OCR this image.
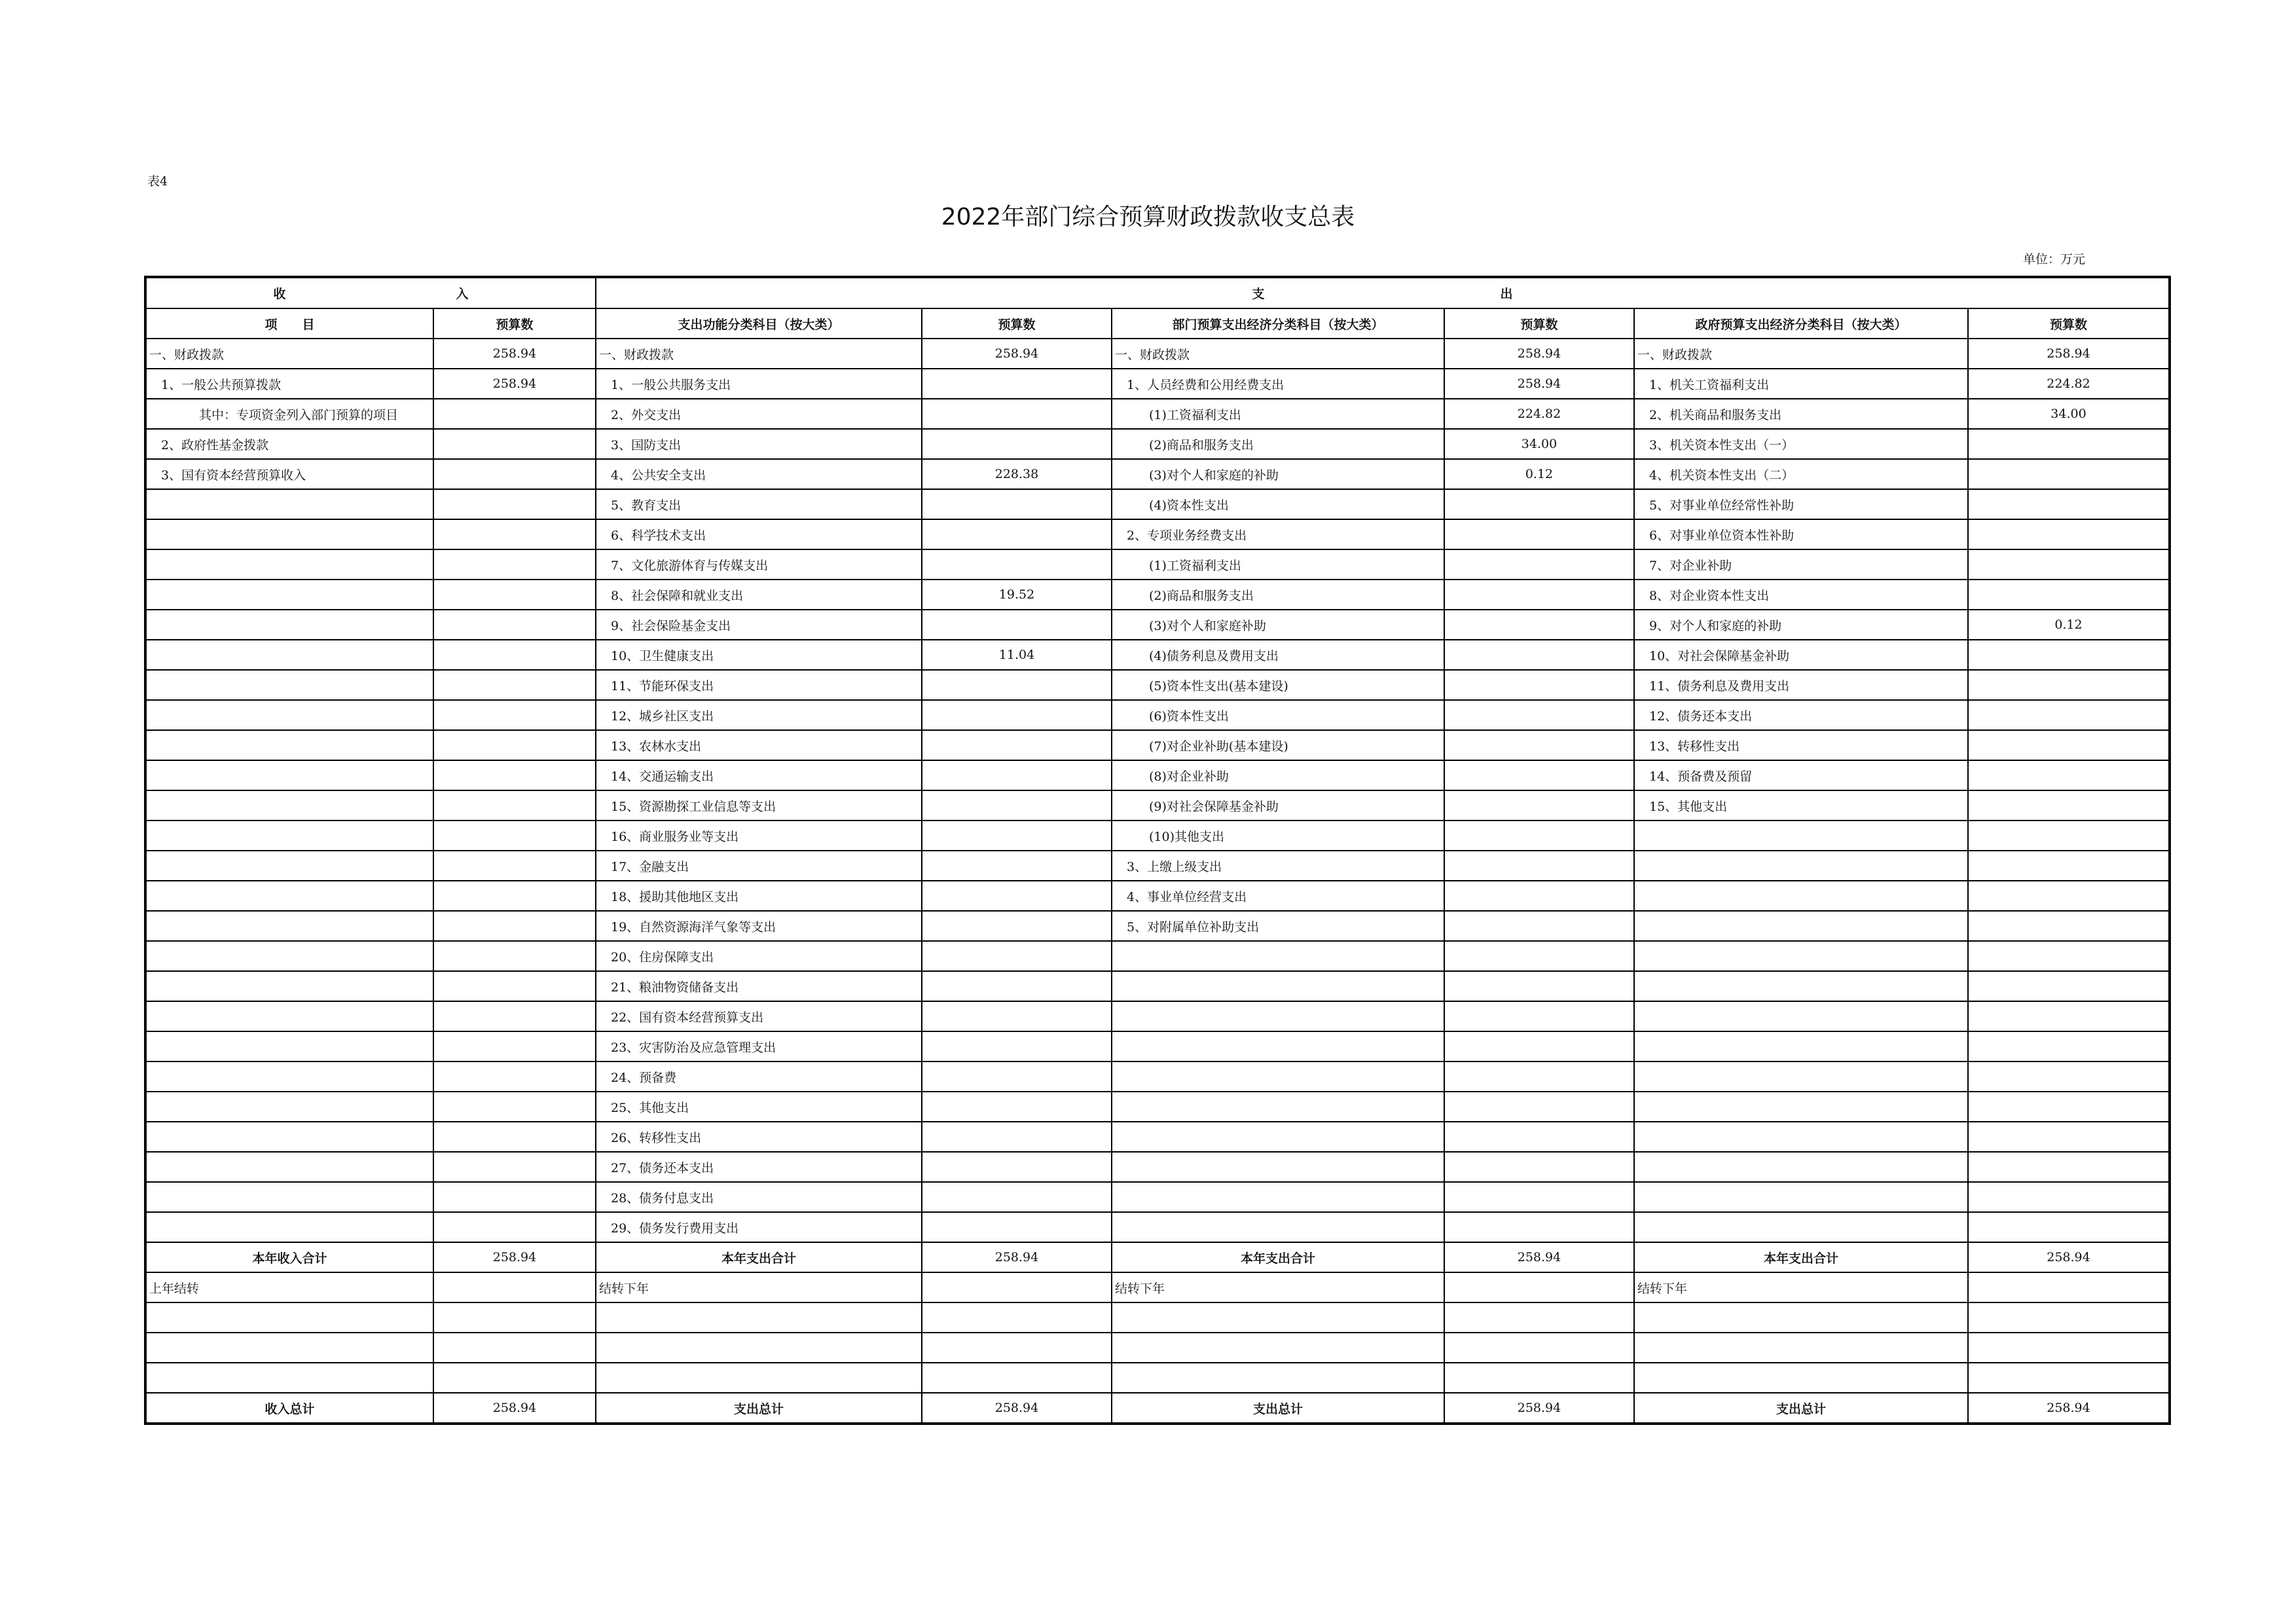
表4
2022年部门综合预算财政拨款收支总表
单位：万元
收 入		支 出					
项　　目	预算数	支出功能分类科目（按大类）	预算数	部门预算支出经济分类科目（按大类）	预算数	政府预算支出经济分类科目（按大类）	预算数
一、财政拨款	258.94	一、财政拨款	258.94	一、财政拨款	258.94	一、财政拨款	258.94
1、一般公共预算拨款	258.94	1、一般公共服务支出		1、人员经费和公用经费支出	258.94	1、机关工资福利支出	224.82
其中：专项资金列入部门预算的项目		2、外交支出		(1)工资福利支出	224.82	2、机关商品和服务支出	34.00
2、政府性基金拨款		3、国防支出		(2)商品和服务支出	34.00	3、机关资本性支出（一）	
3、国有资本经营预算收入		4、公共安全支出	228.38	(3)对个人和家庭的补助	0.12	4、机关资本性支出（二）	
		5、教育支出		(4)资本性支出		5、对事业单位经常性补助	
		6、科学技术支出		2、专项业务经费支出		6、对事业单位资本性补助	
		7、文化旅游体育与传媒支出		(1)工资福利支出		7、对企业补助	
		8、社会保障和就业支出	19.52	(2)商品和服务支出		8、对企业资本性支出	
		9、社会保险基金支出		(3)对个人和家庭补助		9、对个人和家庭的补助	0.12
		10、卫生健康支出	11.04	(4)债务利息及费用支出		10、对社会保障基金补助	
		11、节能环保支出		(5)资本性支出(基本建设)		11、债务利息及费用支出	
		12、城乡社区支出		(6)资本性支出		12、债务还本支出	
		13、农林水支出		(7)对企业补助(基本建设)		13、转移性支出	
		14、交通运输支出		(8)对企业补助		14、预备费及预留	
		15、资源勘探工业信息等支出		(9)对社会保障基金补助		15、其他支出	
		16、商业服务业等支出		(10)其他支出			
		17、金融支出		3、上缴上级支出			
		18、援助其他地区支出		4、事业单位经营支出			
		19、自然资源海洋气象等支出		5、对附属单位补助支出			
		20、住房保障支出					
		21、粮油物资储备支出					
		22、国有资本经营预算支出					
		23、灾害防治及应急管理支出					
		24、预备费					
		25、其他支出					
		26、转移性支出					
		27、债务还本支出					
		28、债务付息支出					
		29、债务发行费用支出					
本年收入合计	258.94	本年支出合计	258.94	本年支出合计	258.94	本年支出合计	258.94
上年结转		结转下年		结转下年		结转下年	

收入总计	258.94	支出总计	258.94	支出总计	258.94	支出总计	258.94
